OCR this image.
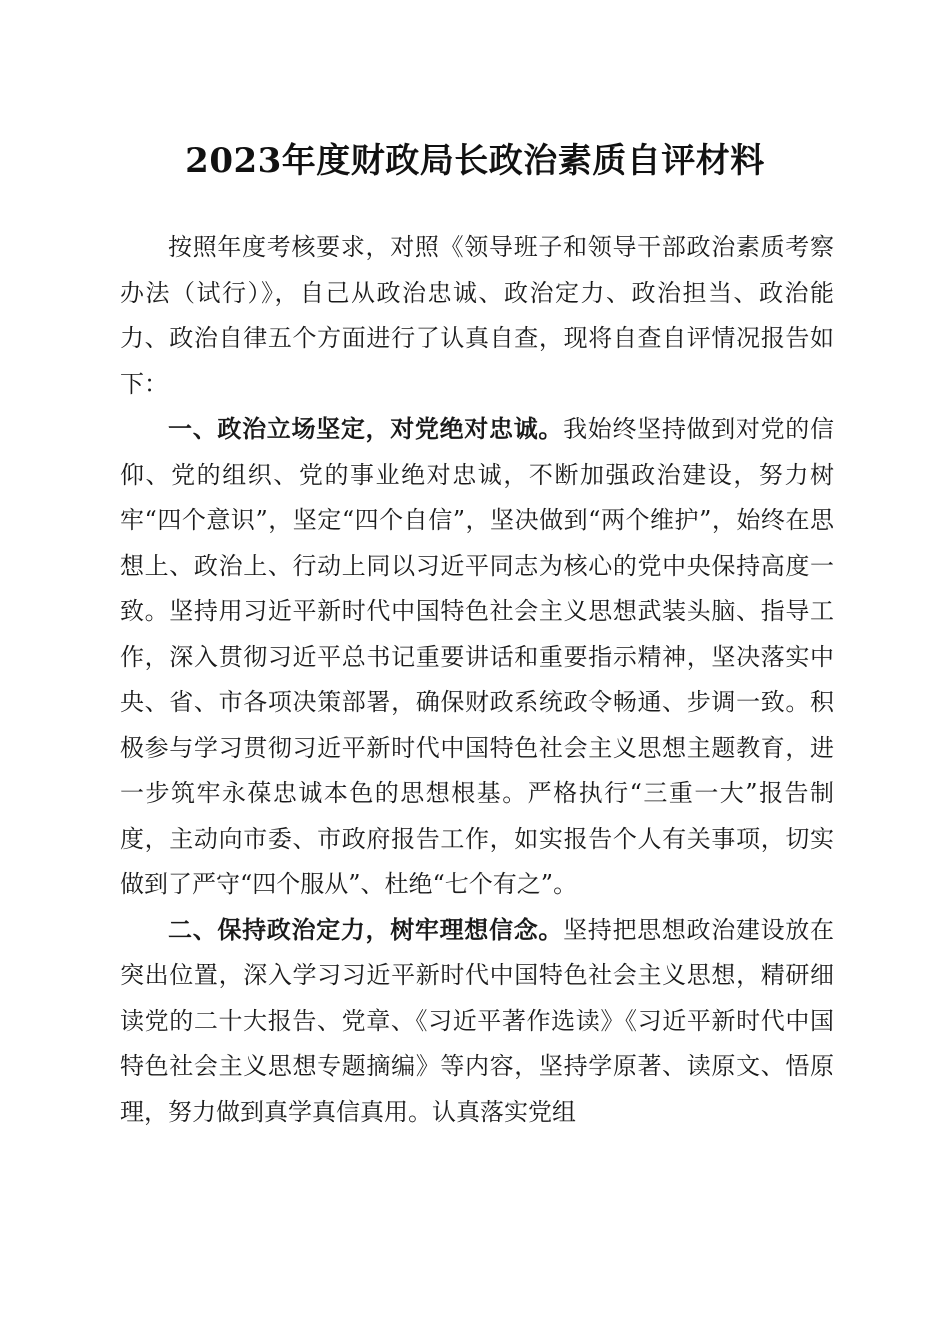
2023年度财政局长政治素质自评材料

按照年度考核要求，对照《领导班子和领导干部政治素质考察办法（试行）》，自己从政治忠诚、政治定力、政治担当、政治能力、政治自律五个方面进行了认真自查，现将自查自评情况报告如下：

一、政治立场坚定，对党绝对忠诚。我始终坚持做到对党的信仰、党的组织、党的事业绝对忠诚，不断加强政治建设，努力树牢“四个意识”，坚定“四个自信”，坚决做到“两个维护”，始终在思想上、政治上、行动上同以习近平同志为核心的党中央保持高度一致。坚持用习近平新时代中国特色社会主义思想武装头脑、指导工作，深入贯彻习近平总书记重要讲话和重要指示精神，坚决落实中央、省、市各项决策部署，确保财政系统政令畅通、步调一致。积极参与学习贯彻习近平新时代中国特色社会主义思想主题教育，进一步筑牢永葆忠诚本色的思想根基。严格执行“三重一大”报告制度，主动向市委、市政府报告工作，如实报告个人有关事项，切实做到了严守“四个服从”、杜绝“七个有之”。

二、保持政治定力，树牢理想信念。坚持把思想政治建设放在突出位置，深入学习习近平新时代中国特色社会主义思想，精研细读党的二十大报告、党章、《习近平著作选读》《习近平新时代中国特色社会主义思想专题摘编》等内容，坚持学原著、读原文、悟原理，努力做到真学真信真用。认真落实党组
